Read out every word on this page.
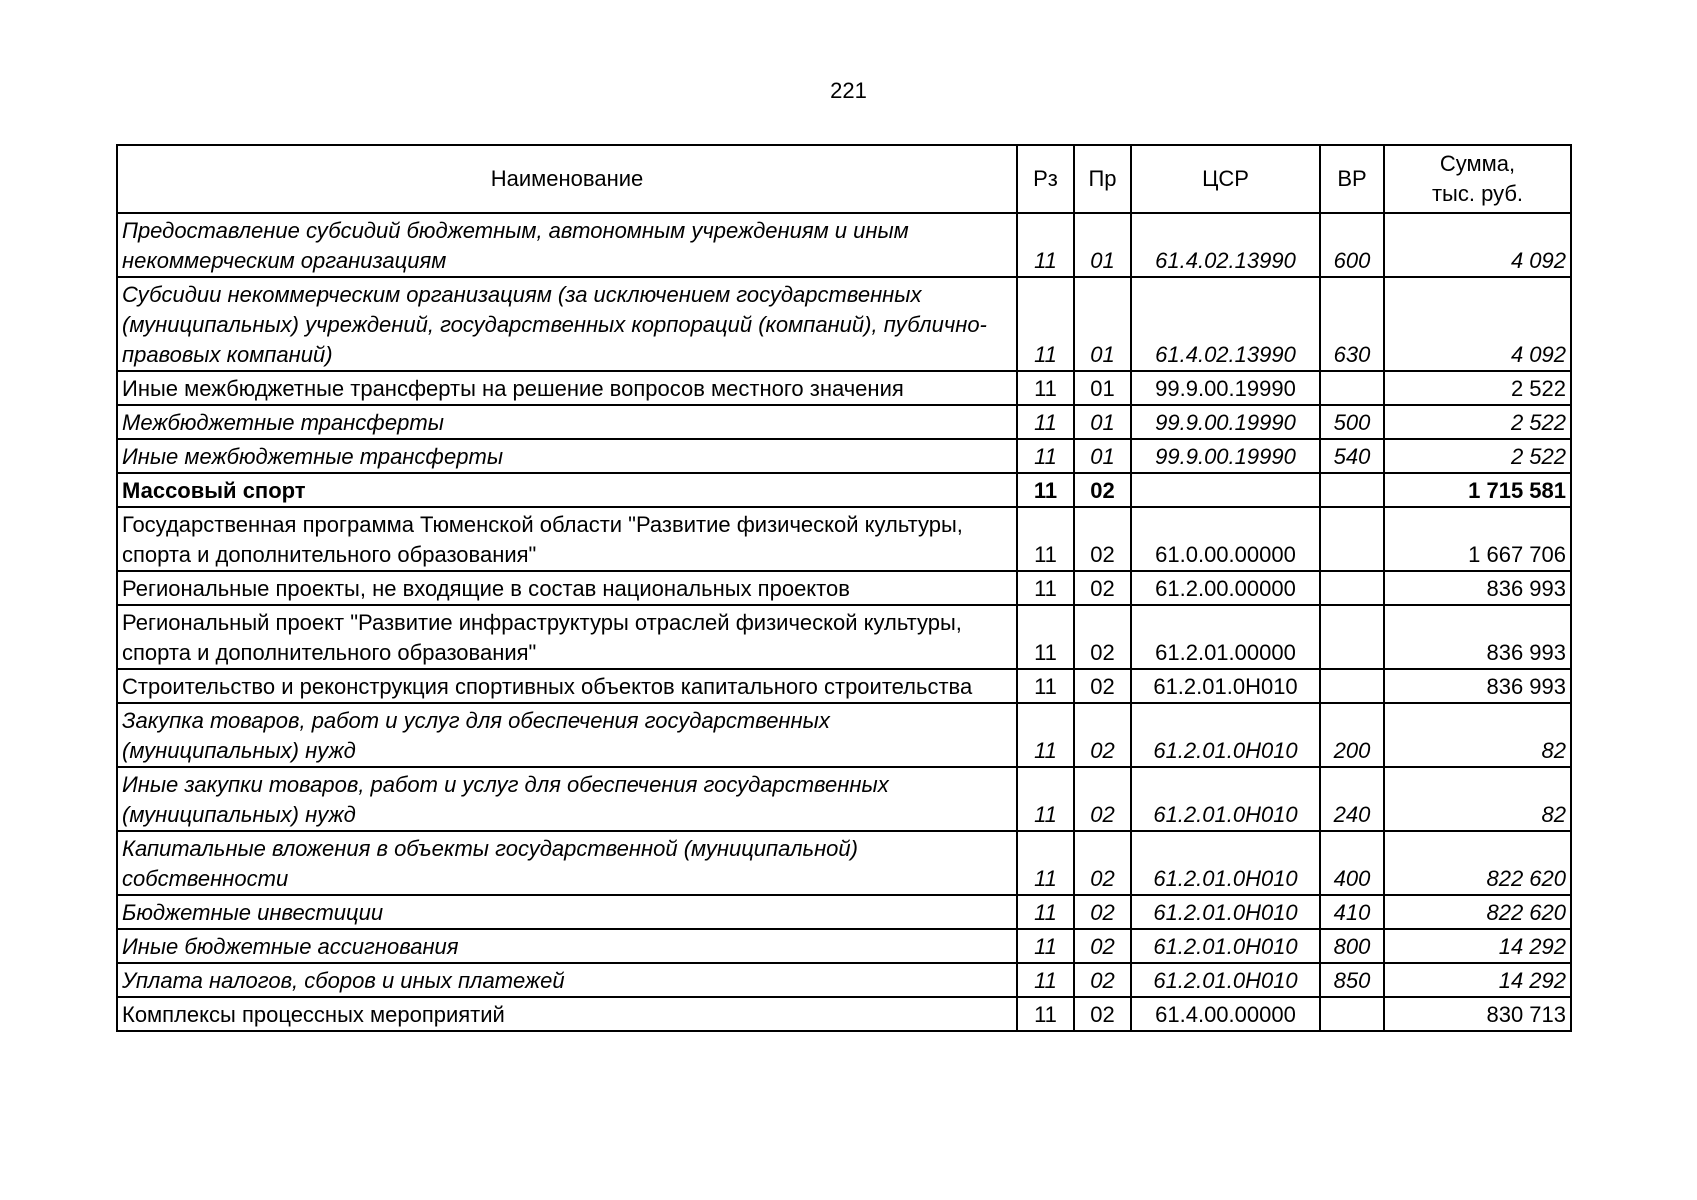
221
Наименование	Рз	Пр	ЦСР	ВР	Сумма,
тыс. руб.

Предоставление субсидий бюджетным, автономным учреждениям и иным некоммерческим организациям	11	01	61.4.02.13990	600	4 092
Субсидии некоммерческим организациям (за исключением государственных (муниципальных) учреждений, государственных корпораций (компаний), публично-правовых компаний)	11	01	61.4.02.13990	630	4 092
Иные межбюджетные трансферты на решение вопросов местного значения	11	01	99.9.00.19990		2 522
Межбюджетные трансферты	11	01	99.9.00.19990	500	2 522
Иные межбюджетные трансферты	11	01	99.9.00.19990	540	2 522
Массовый спорт	11	02			1 715 581
Государственная программа Тюменской области "Развитие физической культуры, спорта и дополнительного образования"	11	02	61.0.00.00000		1 667 706
Региональные проекты, не входящие в состав национальных проектов	11	02	61.2.00.00000		836 993
Региональный проект "Развитие инфраструктуры отраслей физической культуры, спорта и дополнительного образования"	11	02	61.2.01.00000		836 993
Строительство и реконструкция спортивных объектов капитального строительства	11	02	61.2.01.0Н010		836 993
Закупка товаров, работ и услуг для обеспечения государственных (муниципальных) нужд	11	02	61.2.01.0Н010	200	82
Иные закупки товаров, работ и услуг для обеспечения государственных (муниципальных) нужд	11	02	61.2.01.0Н010	240	82
Капитальные вложения в объекты государственной (муниципальной) собственности	11	02	61.2.01.0Н010	400	822 620
Бюджетные инвестиции	11	02	61.2.01.0Н010	410	822 620
Иные бюджетные ассигнования	11	02	61.2.01.0Н010	800	14 292
Уплата налогов, сборов и иных платежей	11	02	61.2.01.0Н010	850	14 292
Комплексы процессных мероприятий	11	02	61.4.00.00000		830 713
